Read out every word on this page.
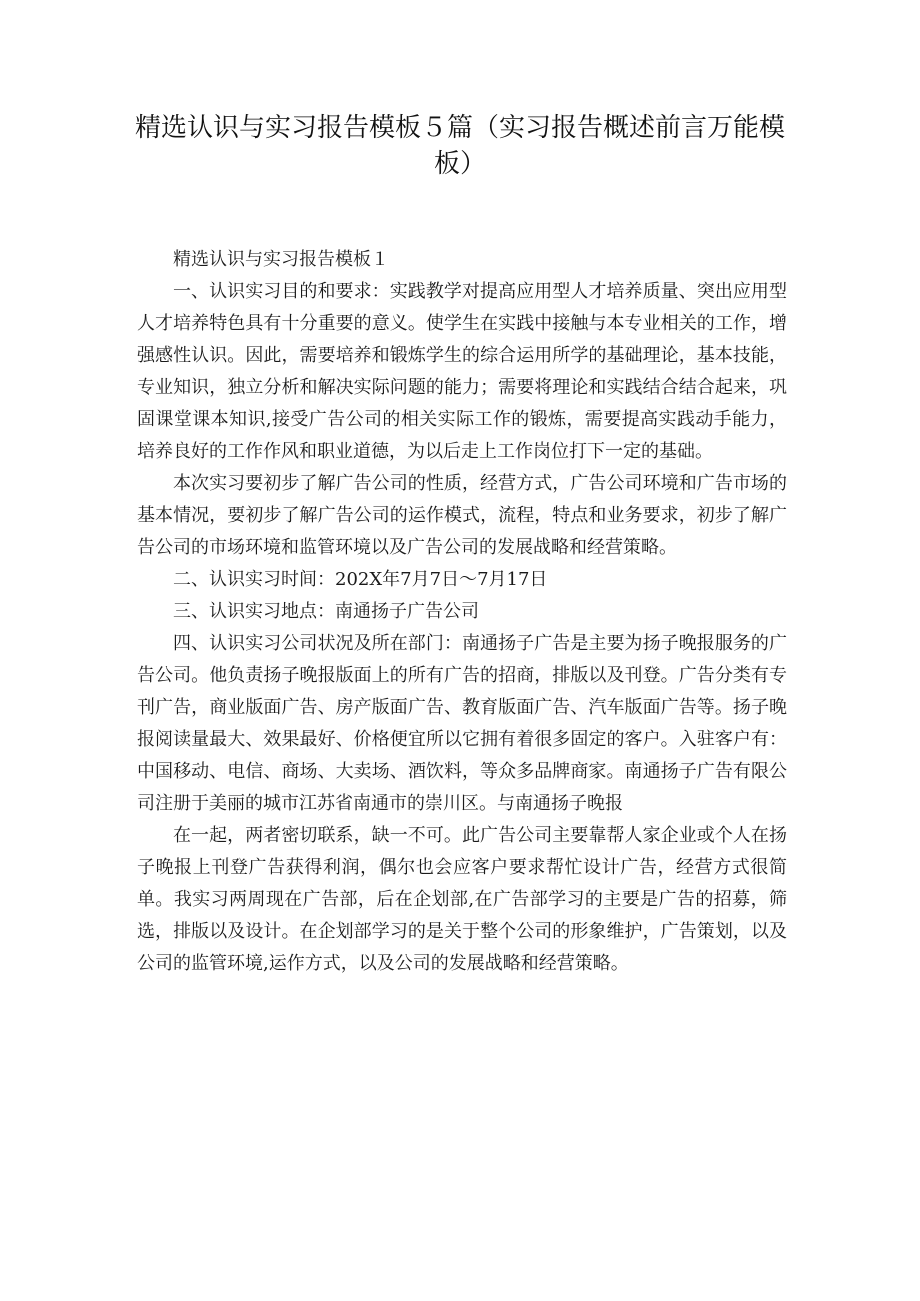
精选认识与实习报告模板５篇（实习报告概述前言万能模板）

精选认识与实习报告模板１

一、认识实习目的和要求：实践教学对提高应用型人才培养质量、突出应用型人才培养特色具有十分重要的意义。使学生在实践中接触与本专业相关的工作，增强感性认识。因此，需要培养和锻炼学生的综合运用所学的基础理论，基本技能，专业知识，独立分析和解决实际问题的能力；需要将理论和实践结合结合起来，巩固课堂课本知识,接受广告公司的相关实际工作的锻炼，需要提高实践动手能力，培养良好的工作作风和职业道德，为以后走上工作岗位打下一定的基础。

本次实习要初步了解广告公司的性质，经营方式，广告公司环境和广告市场的基本情况，要初步了解广告公司的运作模式，流程，特点和业务要求，初步了解广告公司的市场环境和监管环境以及广告公司的发展战略和经营策略。

二、认识实习时间：202X年7月7日～7月17日

三、认识实习地点：南通扬子广告公司

四、认识实习公司状况及所在部门：南通扬子广告是主要为扬子晚报服务的广告公司。他负责扬子晚报版面上的所有广告的招商，排版以及刊登。广告分类有专刊广告，商业版面广告、房产版面广告、教育版面广告、汽车版面广告等。扬子晚报阅读量最大、效果最好、价格便宜所以它拥有着很多固定的客户。入驻客户有：中国移动、电信、商场、大卖场、酒饮料，等众多品牌商家。南通扬子广告有限公司注册于美丽的城市江苏省南通市的崇川区。与南通扬子晚报

在一起，两者密切联系，缺一不可。此广告公司主要靠帮人家企业或个人在扬子晚报上刊登广告获得利润，偶尔也会应客户要求帮忙设计广告，经营方式很简单。我实习两周现在广告部，后在企划部,在广告部学习的主要是广告的招募，筛选，排版以及设计。在企划部学习的是关于整个公司的形象维护，广告策划，以及公司的监管环境,运作方式，以及公司的发展战略和经营策略。
